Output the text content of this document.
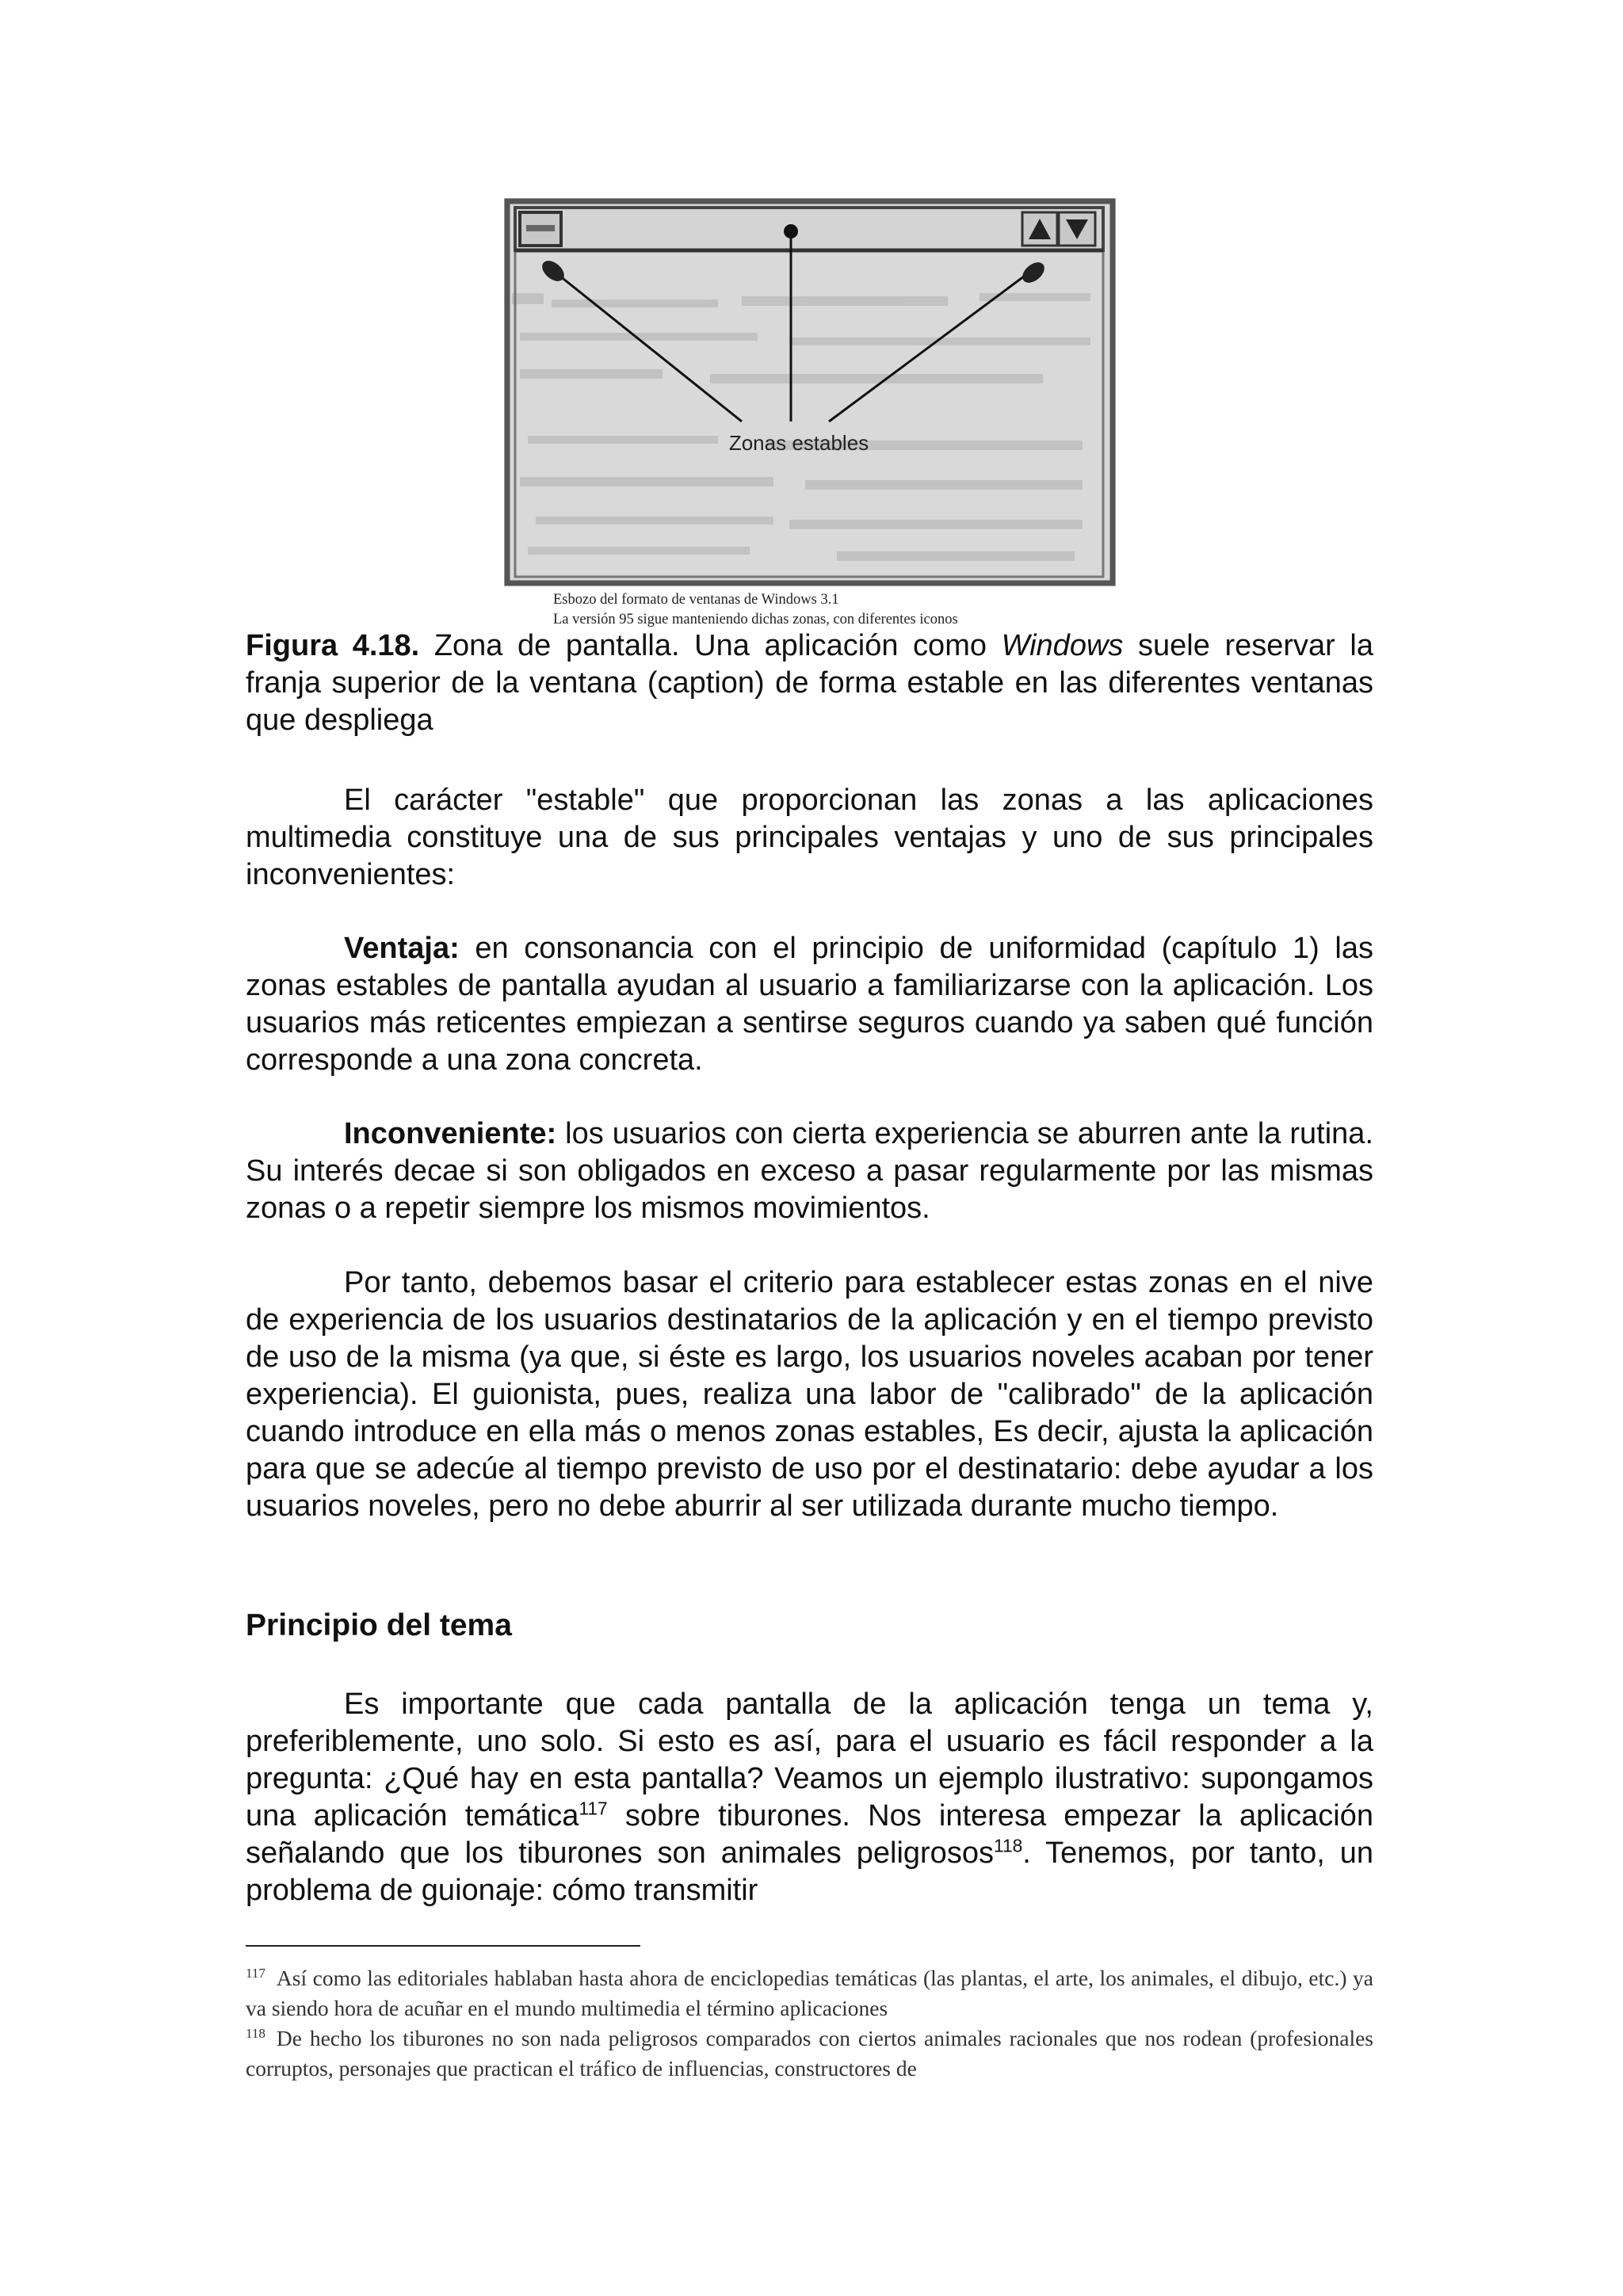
Zonas estables
Esbozo del formato de ventanas de Windows 3.1
La versión 95 sigue manteniendo dichas zonas, con diferentes iconos

Figura 4.18. Zona de pantalla. Una aplicación como Windows suele reservar la franja superior de la ventana (caption) de forma estable en las diferentes ventanas que despliega

El carácter "estable" que proporcionan las zonas a las aplicaciones multimedia constituye una de sus principales ventajas y uno de sus principales inconvenientes:

Ventaja: en consonancia con el principio de uniformidad (capítulo 1) las zonas estables de pantalla ayudan al usuario a familiarizarse con la aplicación. Los usuarios más reticentes empiezan a sentirse seguros cuando ya saben qué función corresponde a una zona concreta.

Inconveniente: los usuarios con cierta experiencia se aburren ante la rutina. Su interés decae si son obligados en exceso a pasar regularmente por las mismas zonas o a repetir siempre los mismos movimientos.

Por tanto, debemos basar el criterio para establecer estas zonas en el nive de experiencia de los usuarios destinatarios de la aplicación y en el tiempo previsto de uso de la misma (ya que, si éste es largo, los usuarios noveles acaban por tener experiencia). El guionista, pues, realiza una labor de "calibrado" de la aplicación cuando introduce en ella más o menos zonas estables, Es decir, ajusta la aplicación para que se adecúe al tiempo previsto de uso por el destinatario: debe ayudar a los usuarios noveles, pero no debe aburrir al ser utilizada durante mucho tiempo.

Principio del tema

Es importante que cada pantalla de la aplicación tenga un tema y, preferiblemente, uno solo. Si esto es así, para el usuario es fácil responder a la pregunta: ¿Qué hay en esta pantalla? Veamos un ejemplo ilustrativo: supongamos una aplicación temática$^{117}$ sobre tiburones. Nos interesa empezar la aplicación señalando que los tiburones son animales peligrosos$^{118}$. Tenemos, por tanto, un problema de guionaje: cómo transmitir

$^{117}$ Así como las editoriales hablaban hasta ahora de enciclopedias temáticas (las plantas, el arte, los animales, el dibujo, etc.) ya va siendo hora de acuñar en el mundo multimedia el término aplicaciones

$^{118}$ De hecho los tiburones no son nada peligrosos comparados con ciertos animales racionales que nos rodean (profesionales corruptos, personajes que practican el tráfico de influencias, constructores de
